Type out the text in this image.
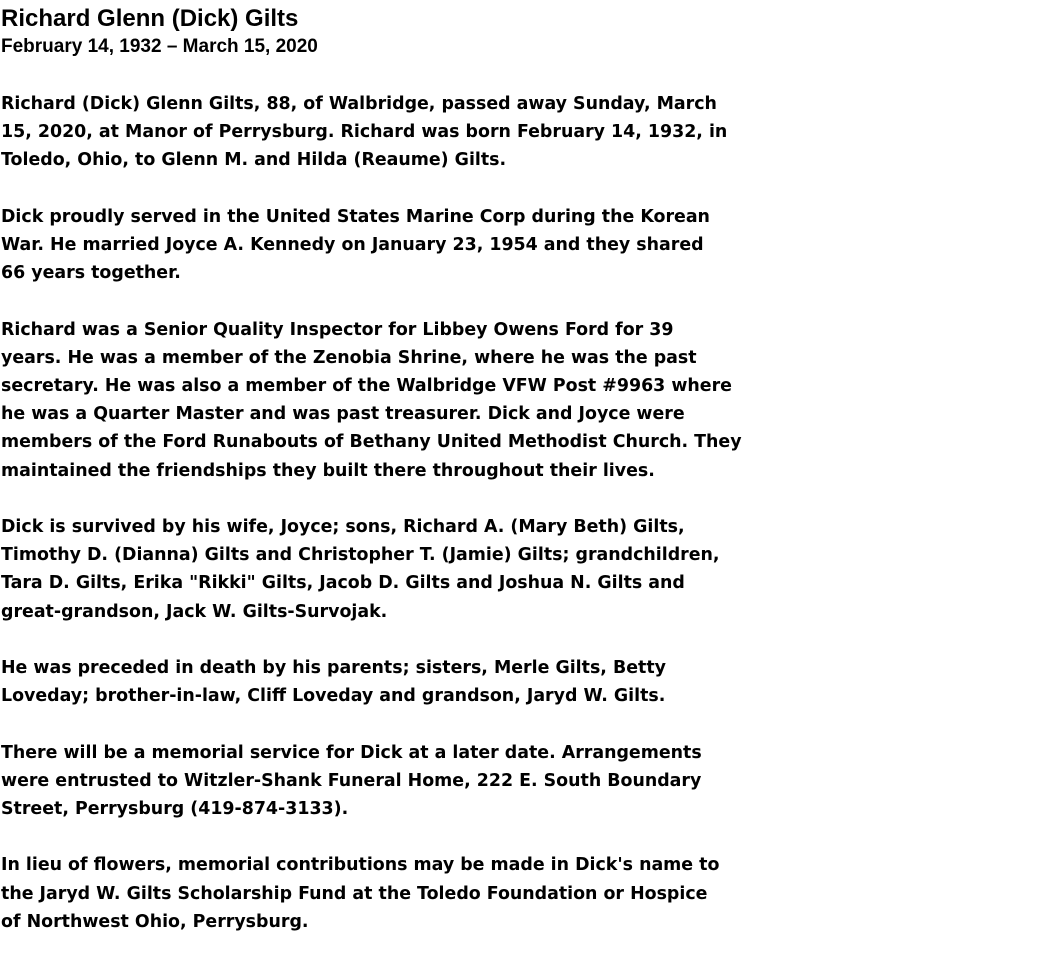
Richard Glenn (Dick) Gilts
February 14, 1932 – March 15, 2020
Richard (Dick) Glenn Gilts, 88, of Walbridge, passed away Sunday, March
15, 2020, at Manor of Perrysburg. Richard was born February 14, 1932, in
Toledo, Ohio, to Glenn M. and Hilda (Reaume) Gilts.
Dick proudly served in the United States Marine Corp during the Korean
War. He married Joyce A. Kennedy on January 23, 1954 and they shared
66 years together.
Richard was a Senior Quality Inspector for Libbey Owens Ford for 39
years. He was a member of the Zenobia Shrine, where he was the past
secretary. He was also a member of the Walbridge VFW Post #9963 where
he was a Quarter Master and was past treasurer. Dick and Joyce were
members of the Ford Runabouts of Bethany United Methodist Church. They
maintained the friendships they built there throughout their lives.
Dick is survived by his wife, Joyce; sons, Richard A. (Mary Beth) Gilts,
Timothy D. (Dianna) Gilts and Christopher T. (Jamie) Gilts; grandchildren,
Tara D. Gilts, Erika "Rikki" Gilts, Jacob D. Gilts and Joshua N. Gilts and
great-grandson, Jack W. Gilts-Survojak.
He was preceded in death by his parents; sisters, Merle Gilts, Betty
Loveday; brother-in-law, Cliff Loveday and grandson, Jaryd W. Gilts.
There will be a memorial service for Dick at a later date. Arrangements
were entrusted to Witzler-Shank Funeral Home, 222 E. South Boundary
Street, Perrysburg (419-874-3133).
In lieu of flowers, memorial contributions may be made in Dick's name to
the Jaryd W. Gilts Scholarship Fund at the Toledo Foundation or Hospice
of Northwest Ohio, Perrysburg.
